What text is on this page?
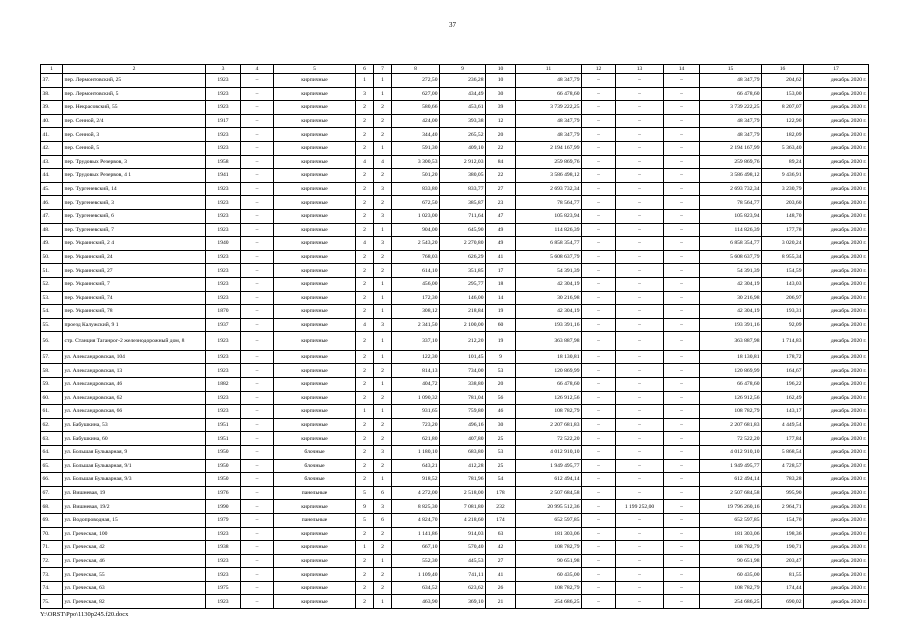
37
1	2	3	4	5	6	7	8	9	10	11	12	13	14	15	16	17
37.	пер. Лермонтовский, 25	1923	–	кирпичные	1	1	272,50	236,28	10	48 347,79	–	–	–	48 347,79	204,62	декабрь 2020 г.
38.	пер. Лермонтовский, 5	1923	–	кирпичные	3	1	627,00	434,49	30	66 478,60	–	–	–	66 478,60	153,00	декабрь 2020 г.
39.	пер. Некрасовский, 55	1923	–	кирпичные	2	2	580,66	453,61	39	3 739 222,25	–	–	–	3 739 222,25	8 207,07	декабрь 2020 г.
40.	пер. Сенной, 2/4	1917	–	кирпичные	2	2	424,00	393,38	12	48 347,79	–	–	–	48 347,79	122,90	декабрь 2020 г.
41.	пер. Сенной, 3	1923	–	кирпичные	2	2	344,40	265,52	20	48 347,79	–	–	–	48 347,79	182,09	декабрь 2020 г.
42.	пер. Сенной, 5	1923	–	кирпичные	2	1	591,30	409,10	22	2 194 167,99	–	–	–	2 194 167,99	5 363,40	декабрь 2020 г.
43.	пер. Трудовых Резервов, 3	1958	–	кирпичные	4	4	3 300,53	2 912,03	84	259 869,76	–	–	–	259 869,76	89,24	декабрь 2020 г.
44.	пер. Трудовых Резервов, 4 1	1941	–	кирпичные	2	2	501,20	380,05	22	3 586 498,12	–	–	–	3 586 498,12	9 436,91	декабрь 2020 г.
45.	пер. Тургеневский, 14	1923	–	кирпичные	2	3	833,80	833,77	27	2 693 732,34	–	–	–	2 693 732,34	3 230,79	декабрь 2020 г.
46.	пер. Тургеневский, 3	1923	–	кирпичные	2	2	672,50	385,87	23	78 564,77	–	–	–	78 564,77	203,60	декабрь 2020 г.
47.	пер. Тургеневский, 6	1923	–	кирпичные	2	3	1 023,00	711,64	47	105 823,94	–	–	–	105 823,94	148,70	декабрь 2020 г.
48.	пер. Тургеневский, 7	1923	–	кирпичные	2	1	904,00	645,90	49	114 826,39	–	–	–	114 826,39	177,78	декабрь 2020 г.
49.	пер. Украинский, 2 4	1940	–	кирпичные	4	3	2 543,20	2 270,80	49	6 858 354,77	–	–	–	6 858 354,77	3 020,24	декабрь 2020 г.
50.	пер. Украинский, 24	1923	–	кирпичные	2	2	768,03	626,29	41	5 608 637,79	–	–	–	5 608 637,79	8 955,34	декабрь 2020 г.
51.	пер. Украинский, 27	1923	–	кирпичные	2	2	614,10	351,85	17	54 391,39	–	–	–	54 391,39	154,59	декабрь 2020 г.
52.	пер. Украинский, 7	1923	–	кирпичные	2	1	456,00	295,77	18	42 304,19	–	–	–	42 304,19	143,03	декабрь 2020 г.
53.	пер. Украинский, 74	1923	–	кирпичные	2	1	172,30	146,00	14	30 216,98	–	–	–	30 216,98	206,97	декабрь 2020 г.
54.	пер. Украинский, 78	1870	–	кирпичные	2	1	308,12	218,84	19	42 304,19	–	–	–	42 304,19	193,31	декабрь 2020 г.
55.	проезд Калужский, 9 1	1937	–	кирпичные	4	3	2 341,50	2 100,00	60	193 391,16	–	–	–	193 391,16	92,09	декабрь 2020 г.
56.	стр. Станция Таганрог-2 железнодорожный дом, 8	1923	–	кирпичные	2	1	337,10	212,20	19	363 887,98	–	–	–	363 887,98	1 714,83	декабрь 2020 г.
57.	ул. Александровская, 104	1923	–	кирпичные	2	1	122,30	101,45	9	18 130,81	–	–	–	18 130,81	178,72	декабрь 2020 г.
58.	ул. Александровская, 13	1923	–	кирпичные	2	2	814,13	734,00	53	120 869,99	–	–	–	120 869,99	164,67	декабрь 2020 г.
59.	ул. Александровская, 46	1882	–	кирпичные	2	1	404,72	338,80	20	66 478,60	–	–	–	66 478,60	196,22	декабрь 2020 г.
60.	ул. Александровская, 62	1923	–	кирпичные	2	2	1 090,32	781,04	56	126 912,56	–	–	–	126 912,56	162,49	декабрь 2020 г.
61.	ул. Александровская, 66	1923	–	кирпичные	1	1	931,65	759,80	46	108 782,79	–	–	–	108 782,79	143,17	декабрь 2020 г.
62.	ул. Бабушкина, 53	1951	–	кирпичные	2	2	723,20	496,16	30	2 207 681,83	–	–	–	2 207 681,83	4 449,54	декабрь 2020 г.
63.	ул. Бабушкина, 60	1951	–	кирпичные	2	2	621,80	407,80	25	72 522,20	–	–	–	72 522,20	177,84	декабрь 2020 г.
64.	ул. Большая Бульварная, 9	1950	–	блочные	2	3	1 180,10	683,80	53	4 012 910,10	–	–	–	4 012 910,10	5 868,54	декабрь 2020 г.
65.	ул. Большая Бульварная, 9/1	1950	–	блочные	2	2	643,21	412,28	25	1 949 495,77	–	–	–	1 949 495,77	4 728,57	декабрь 2020 г.
66.	ул. Большая Бульварная, 9/3	1950	–	блочные	2	1	918,52	781,96	54	612 494,14	–	–	–	612 494,14	783,28	декабрь 2020 г.
67.	ул. Вишневая, 19	1976	–	панельные	5	6	4 272,00	2 518,00	178	2 507 684,58	–	–	–	2 507 684,58	995,90	декабрь 2020 г.
68.	ул. Вишневая, 19/2	1990	–	кирпичные	9	3	8 825,30	7 081,80	232	20 995 512,36	–	1 199 252,00	–	19 796 260,16	2 964,71	декабрь 2020 г.
69.	ул. Водопроводная, 15	1979	–	панельные	5	6	4 824,70	4 218,60	174	652 597,85	–	–	–	652 597,85	154,70	декабрь 2020 г.
70.	ул. Греческая, 100	1923	–	кирпичные	2	2	1 141,86	914,03	63	181 303,06	–	–	–	181 303,06	198,36	декабрь 2020 г.
71.	ул. Греческая, 42	1938	–	кирпичные	1	2	667,10	570,40	42	108 782,79	–	–	–	108 782,79	190,71	декабрь 2020 г.
72.	ул. Греческая, 46	1923	–	кирпичные	2	1	552,30	445,53	27	90 651,98	–	–	–	90 651,98	203,47	декабрь 2020 г.
73.	ул. Греческая, 55	1923	–	кирпичные	2	2	1 109,40	741,11	41	60 435,00	–	–	–	60 435,00	81,55	декабрь 2020 г.
74.	ул. Греческая, 63	1975	–	кирпичные	2	2	634,52	623,62	26	108 782,79	–	–	–	108 782,79	174,44	декабрь 2020 г.
75.	ул. Греческая, 82	1923	–	кирпичные	2	1	463,90	369,10	21	254 686,25	–	–	–	254 686,25	690,02	декабрь 2020 г.
Y:\ORST\Ppo\1130p245.f20.docx
